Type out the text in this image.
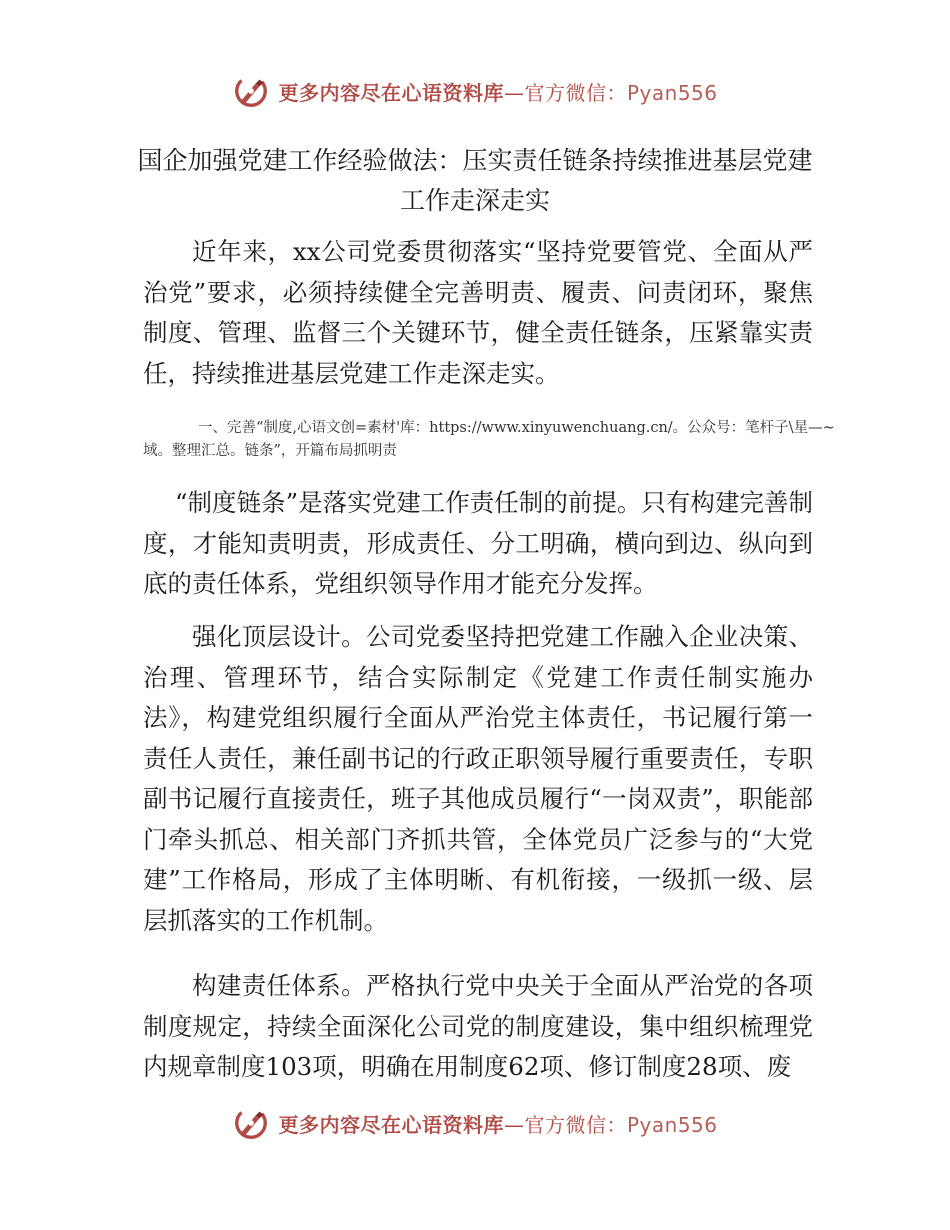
更多内容尽在心语资料库—官方微信：Pyan556
国企加强党建工作经验做法：压实责任链条持续推进基层党建
工作走深走实

近年来，xx公司党委贯彻落实“坚持党要管党、全面从严治党”要求，必须持续健全完善明责、履责、问责闭环，聚焦制度、管理、监督三个关键环节，健全责任链条，压紧靠实责任，持续推进基层党建工作走深走实。

一、完善“制度,心语文创=素材'库：https://www.xinyuwenchuang.cn/。公众号：笔杆子\星—~域。整理汇总。链条”，开篇布局抓明责

“制度链条”是落实党建工作责任制的前提。只有构建完善制度，才能知责明责，形成责任、分工明确，横向到边、纵向到底的责任体系，党组织领导作用才能充分发挥。

强化顶层设计。公司党委坚持把党建工作融入企业决策、治理、管理环节，结合实际制定《党建工作责任制实施办法》，构建党组织履行全面从严治党主体责任，书记履行第一责任人责任，兼任副书记的行政正职领导履行重要责任，专职副书记履行直接责任，班子其他成员履行“一岗双责”，职能部门牵头抓总、相关部门齐抓共管，全体党员广泛参与的“大党建”工作格局，形成了主体明晰、有机衔接，一级抓一级、层层抓落实的工作机制。

构建责任体系。严格执行党中央关于全面从严治党的各项制度规定，持续全面深化公司党的制度建设，集中组织梳理党内规章制度103项，明确在用制度62项、修订制度28项、废

更多内容尽在心语资料库—官方微信：Pyan556
